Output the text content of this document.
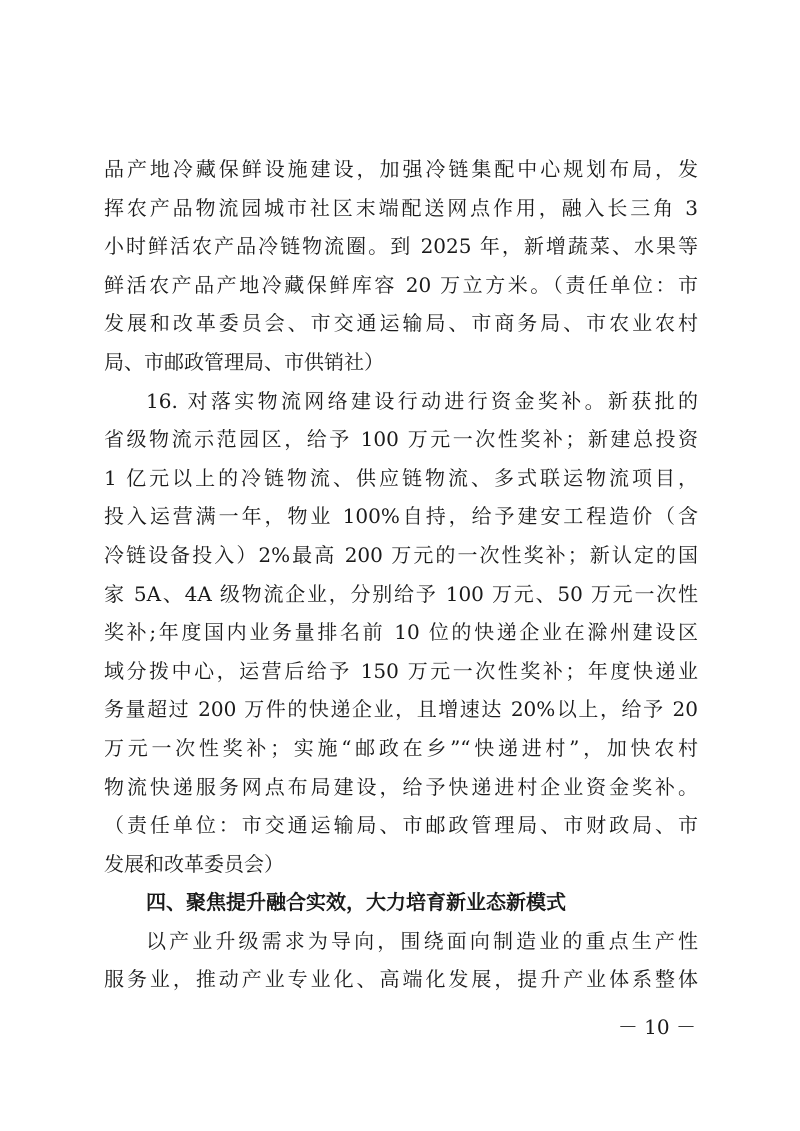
品产地冷藏保鲜设施建设，加强冷链集配中心规划布局，发
挥农产品物流园城市社区末端配送网点作用，融入长三角 3
小时鲜活农产品冷链物流圈。到 2025 年，新增蔬菜、水果等
鲜活农产品产地冷藏保鲜库容 20 万立方米。（责任单位：市
发展和改革委员会、市交通运输局、市商务局、市农业农村
局、市邮政管理局、市供销社）
16. 对落实物流网络建设行动进行资金奖补。新获批的
省级物流示范园区，给予 100 万元一次性奖补；新建总投资
1 亿元以上的冷链物流、供应链物流、多式联运物流项目，
投入运营满一年，物业 100%自持，给予建安工程造价（含
冷链设备投入）2%最高 200 万元的一次性奖补；新认定的国
家 5A、4A 级物流企业，分别给予 100 万元、50 万元一次性
奖补;年度国内业务量排名前 10 位的快递企业在滁州建设区
域分拨中心，运营后给予 150 万元一次性奖补；年度快递业
务量超过 200 万件的快递企业，且增速达 20%以上，给予 20
万元一次性奖补；实施“邮政在乡”“快递进村”，加快农村
物流快递服务网点布局建设，给予快递进村企业资金奖补。
（责任单位：市交通运输局、市邮政管理局、市财政局、市
发展和改革委员会）
四、聚焦提升融合实效，大力培育新业态新模式
以产业升级需求为导向，围绕面向制造业的重点生产性
服务业，推动产业专业化、高端化发展，提升产业体系整体
－ 10 －
